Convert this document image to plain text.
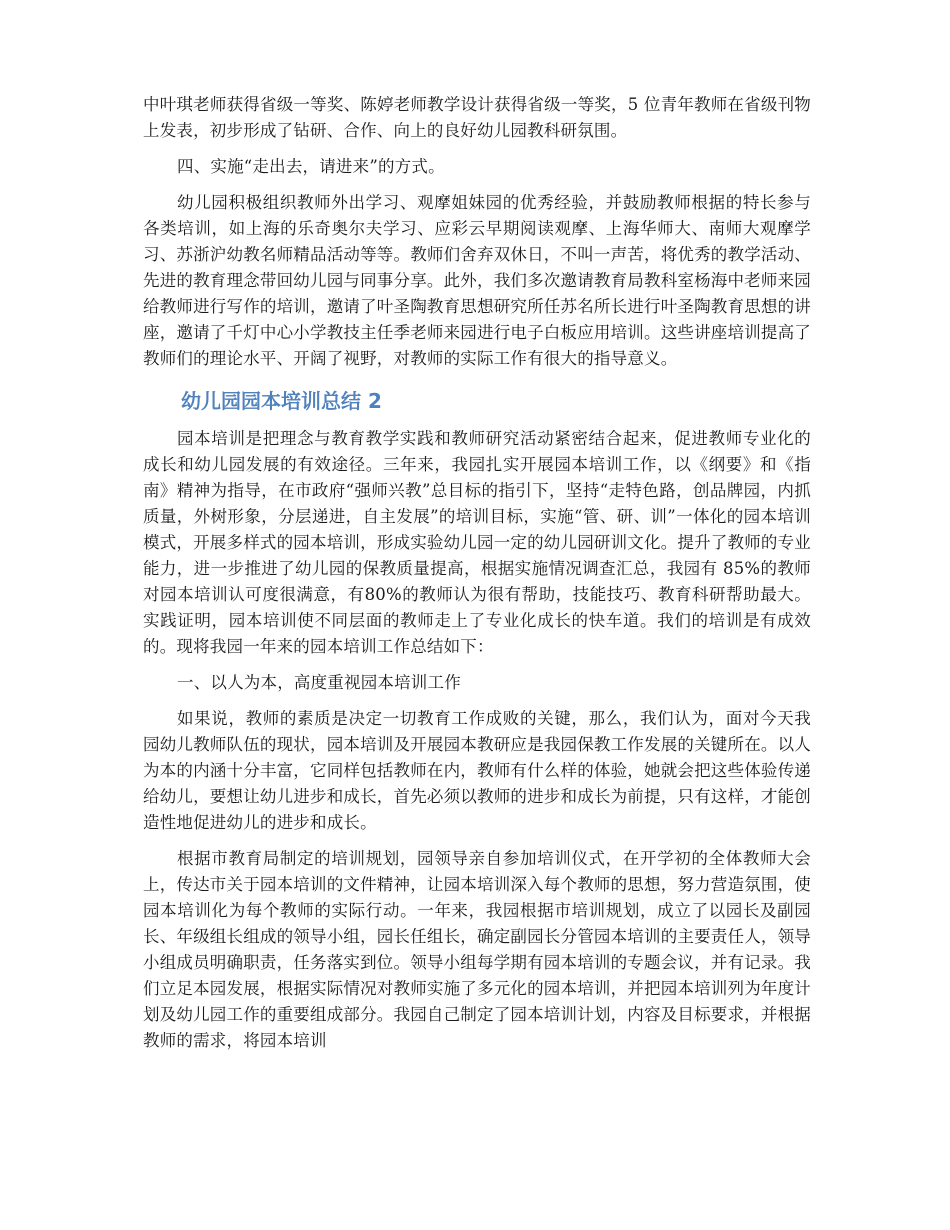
中叶琪老师获得省级一等奖、陈婷老师教学设计获得省级一等奖，5 位青年教师在省级刊物上发表，初步形成了钻研、合作、向上的良好幼儿园教科研氛围。

四、实施“走出去，请进来”的方式。

幼儿园积极组织教师外出学习、观摩姐妹园的优秀经验，并鼓励教师根据的特长参与各类培训，如上海的乐奇奥尔夫学习、应彩云早期阅读观摩、上海华师大、南师大观摩学习、苏浙沪幼教名师精品活动等等。教师们舍弃双休日，不叫一声苦，将优秀的教学活动、先进的教育理念带回幼儿园与同事分享。此外，我们多次邀请教育局教科室杨海中老师来园给教师进行写作的培训，邀请了叶圣陶教育思想研究所任苏名所长进行叶圣陶教育思想的讲座，邀请了千灯中心小学教技主任季老师来园进行电子白板应用培训。这些讲座培训提高了教师们的理论水平、开阔了视野，对教师的实际工作有很大的指导意义。

幼儿园园本培训总结 2

园本培训是把理念与教育教学实践和教师研究活动紧密结合起来，促进教师专业化的成长和幼儿园发展的有效途径。三年来，我园扎实开展园本培训工作，以《纲要》和《指南》精神为指导，在市政府“强师兴教”总目标的指引下，坚持“走特色路，创品牌园，内抓质量，外树形象，分层递进，自主发展”的培训目标，实施“管、研、训”一体化的园本培训模式，开展多样式的园本培训，形成实验幼儿园一定的幼儿园研训文化。提升了教师的专业能力，进一步推进了幼儿园的保教质量提高，根据实施情况调查汇总，我园有 85%的教师对园本培训认可度很满意，有80%的教师认为很有帮助，技能技巧、教育科研帮助最大。实践证明，园本培训使不同层面的教师走上了专业化成长的快车道。我们的培训是有成效的。现将我园一年来的园本培训工作总结如下：

一、以人为本，高度重视园本培训工作

如果说，教师的素质是决定一切教育工作成败的关键，那么，我们认为，面对今天我园幼儿教师队伍的现状，园本培训及开展园本教研应是我园保教工作发展的关键所在。以人为本的内涵十分丰富，它同样包括教师在内，教师有什么样的体验，她就会把这些体验传递给幼儿，要想让幼儿进步和成长，首先必须以教师的进步和成长为前提，只有这样，才能创造性地促进幼儿的进步和成长。

根据市教育局制定的培训规划，园领导亲自参加培训仪式，在开学初的全体教师大会上，传达市关于园本培训的文件精神，让园本培训深入每个教师的思想，努力营造氛围，使园本培训化为每个教师的实际行动。一年来，我园根据市培训规划，成立了以园长及副园长、年级组长组成的领导小组，园长任组长，确定副园长分管园本培训的主要责任人，领导小组成员明确职责，任务落实到位。领导小组每学期有园本培训的专题会议，并有记录。我们立足本园发展，根据实际情况对教师实施了多元化的园本培训，并把园本培训列为年度计划及幼儿园工作的重要组成部分。我园自己制定了园本培训计划，内容及目标要求，并根据教师的需求，将园本培训
